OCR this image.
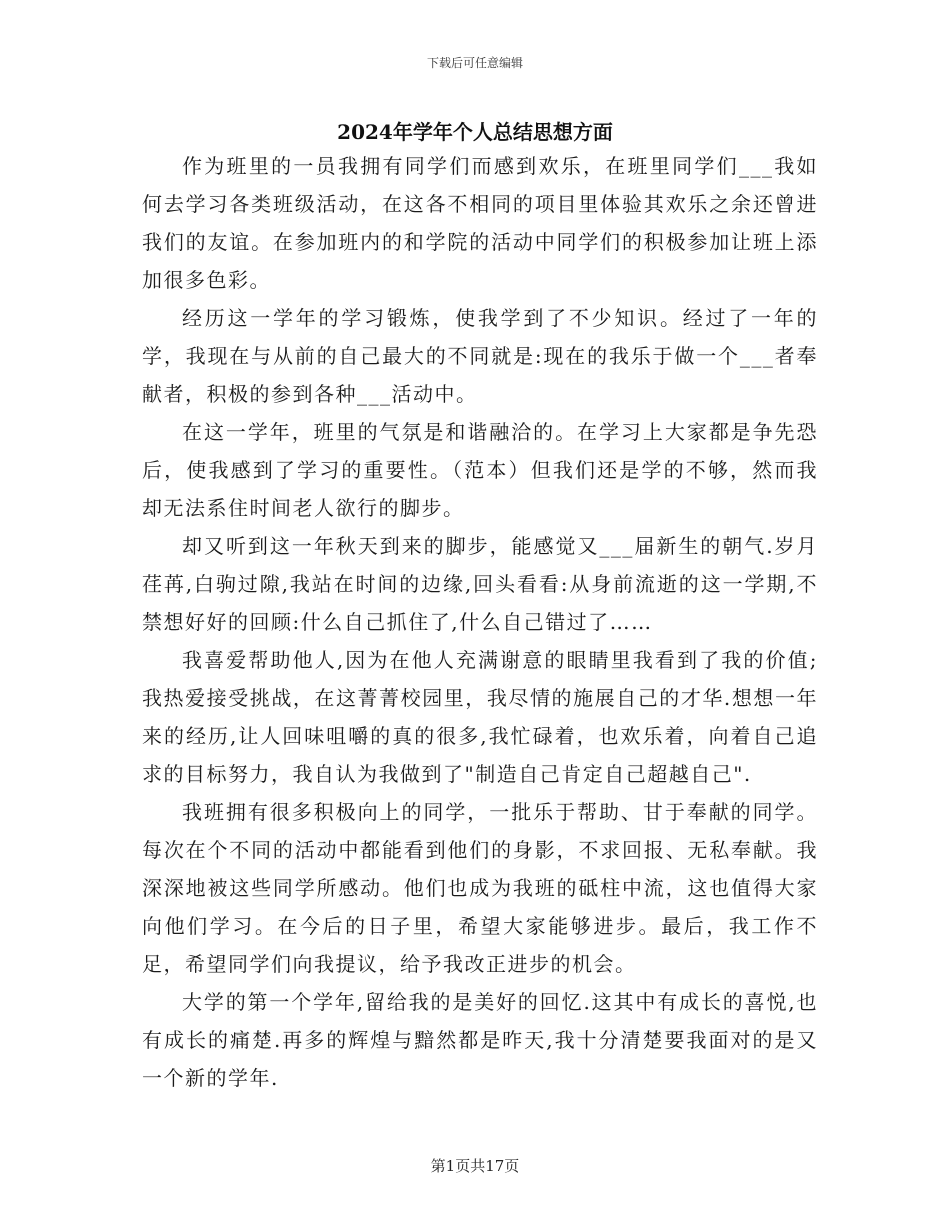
下载后可任意编辑
2024年学年个人总结思想方面

作为班里的一员我拥有同学们而感到欢乐，在班里同学们___我如何去学习各类班级活动，在这各不相同的项目里体验其欢乐之余还曾进我们的友谊。在参加班内的和学院的活动中同学们的积极参加让班上添加很多色彩。

经历这一学年的学习锻炼，使我学到了不少知识。经过了一年的学，我现在与从前的自己最大的不同就是:现在的我乐于做一个___者奉献者，积极的参到各种___活动中。

在这一学年，班里的气氛是和谐融洽的。在学习上大家都是争先恐后，使我感到了学习的重要性。（范本）但我们还是学的不够，然而我却无法系住时间老人欲行的脚步。

却又听到这一年秋天到来的脚步，能感觉又___届新生的朝气.岁月荏苒,白驹过隙,我站在时间的边缘,回头看看:从身前流逝的这一学期,不禁想好好的回顾:什么自己抓住了,什么自己错过了……

我喜爱帮助他人,因为在他人充满谢意的眼睛里我看到了我的价值;我热爱接受挑战，在这菁菁校园里，我尽情的施展自己的才华.想想一年来的经历,让人回味咀嚼的真的很多,我忙碌着，也欢乐着，向着自己追求的目标努力，我自认为我做到了"制造自己肯定自己超越自己".

我班拥有很多积极向上的同学，一批乐于帮助、甘于奉献的同学。每次在个不同的活动中都能看到他们的身影，不求回报、无私奉献。我深深地被这些同学所感动。他们也成为我班的砥柱中流，这也值得大家向他们学习。在今后的日子里，希望大家能够进步。最后，我工作不足，希望同学们向我提议，给予我改正进步的机会。

大学的第一个学年,留给我的是美好的回忆.这其中有成长的喜悦,也有成长的痛楚.再多的辉煌与黯然都是昨天,我十分清楚要我面对的是又一个新的学年.

第1页共17页
